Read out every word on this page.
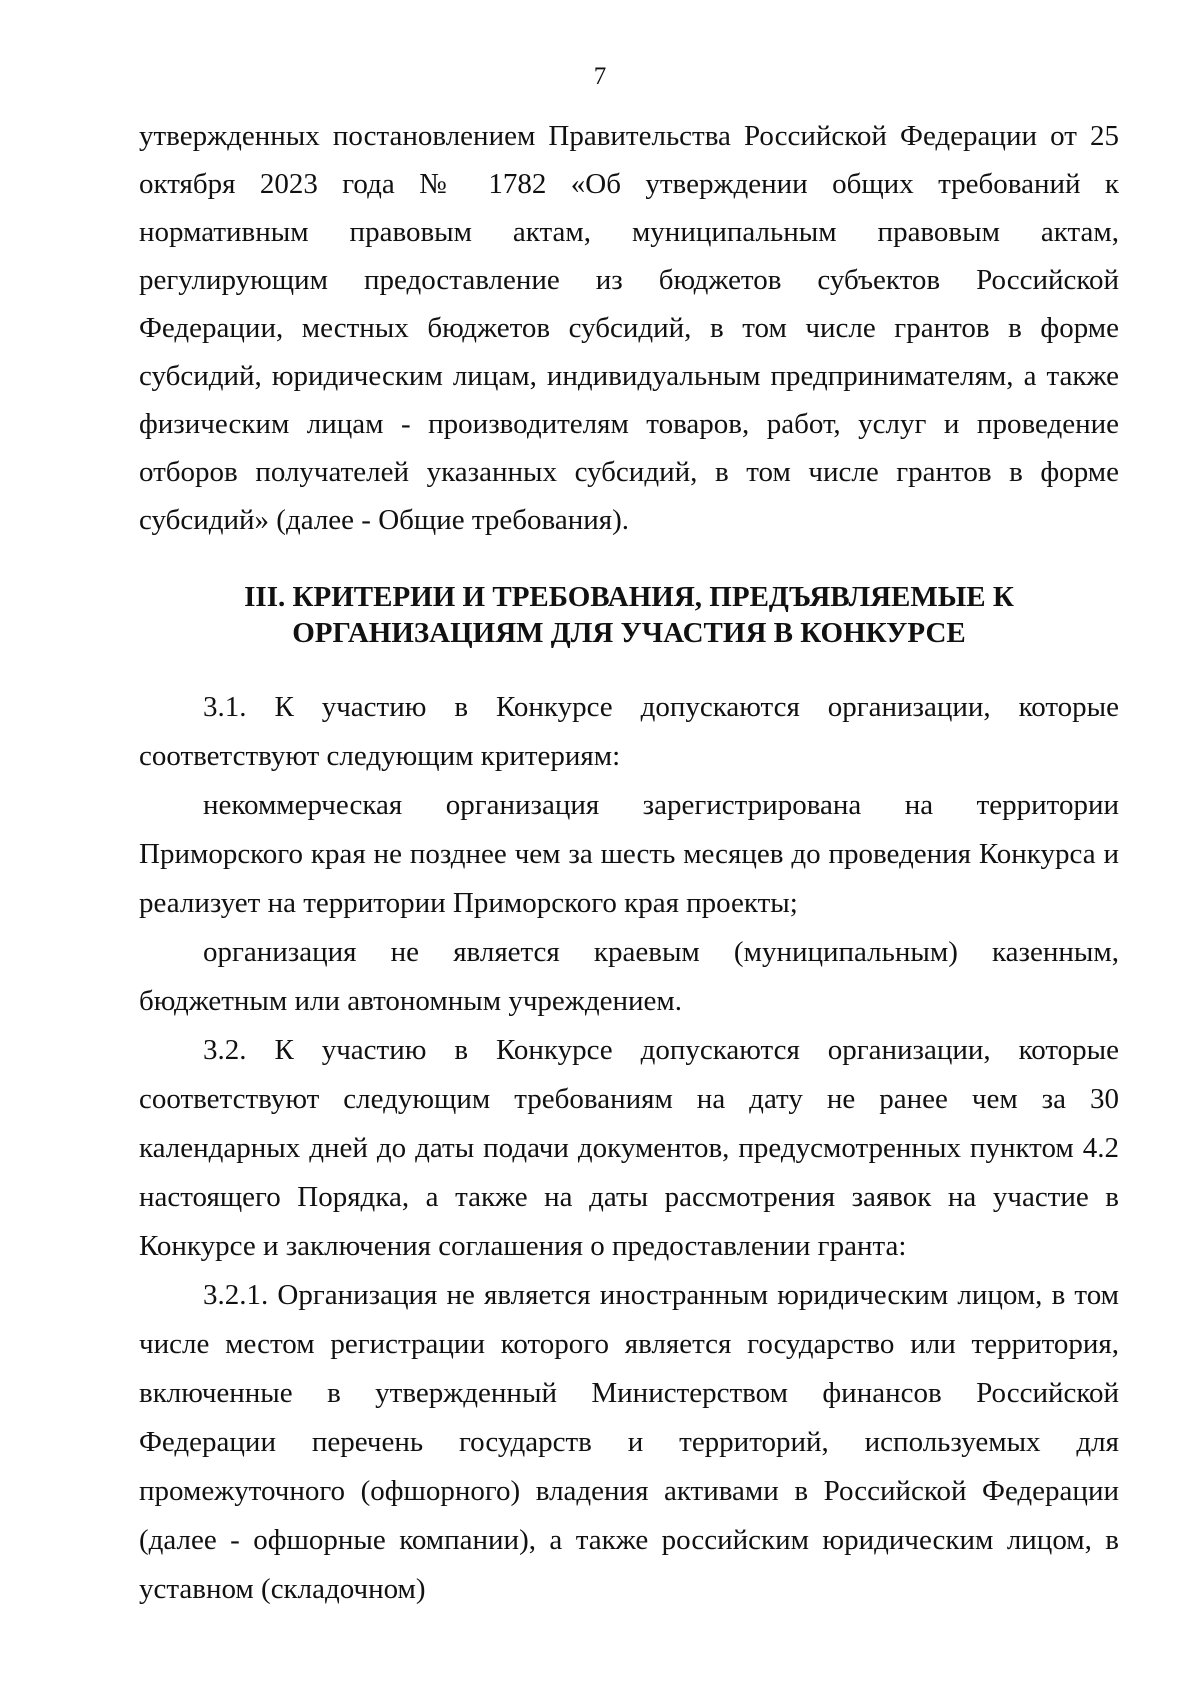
7

утвержденных постановлением Правительства Российской Федерации от 25 октября 2023 года № 1782 «Об утверждении общих требований к нормативным правовым актам, муниципальным правовым актам, регулирующим предоставление из бюджетов субъектов Российской Федерации, местных бюджетов субсидий, в том числе грантов в форме субсидий, юридическим лицам, индивидуальным предпринимателям, а также физическим лицам - производителям товаров, работ, услуг и проведение отборов получателей указанных субсидий, в том числе грантов в форме субсидий» (далее - Общие требования).

III. КРИТЕРИИ И ТРЕБОВАНИЯ, ПРЕДЪЯВЛЯЕМЫЕ К
ОРГАНИЗАЦИЯМ ДЛЯ УЧАСТИЯ В КОНКУРСЕ

3.1. К участию в Конкурсе допускаются организации, которые соответствуют следующим критериям:

некоммерческая организация зарегистрирована на территории Приморского края не позднее чем за шесть месяцев до проведения Конкурса и реализует на территории Приморского края проекты;

организация не является краевым (муниципальным) казенным, бюджетным или автономным учреждением.

3.2. К участию в Конкурсе допускаются организации, которые соответствуют следующим требованиям на дату не ранее чем за 30 календарных дней до даты подачи документов, предусмотренных пунктом 4.2 настоящего Порядка, а также на даты рассмотрения заявок на участие в Конкурсе и заключения соглашения о предоставлении гранта:

3.2.1. Организация не является иностранным юридическим лицом, в том числе местом регистрации которого является государство или территория, включенные в утвержденный Министерством финансов Российской Федерации перечень государств и территорий, используемых для промежуточного (офшорного) владения активами в Российской Федерации (далее - офшорные компании), а также российским юридическим лицом, в уставном (складочном)
